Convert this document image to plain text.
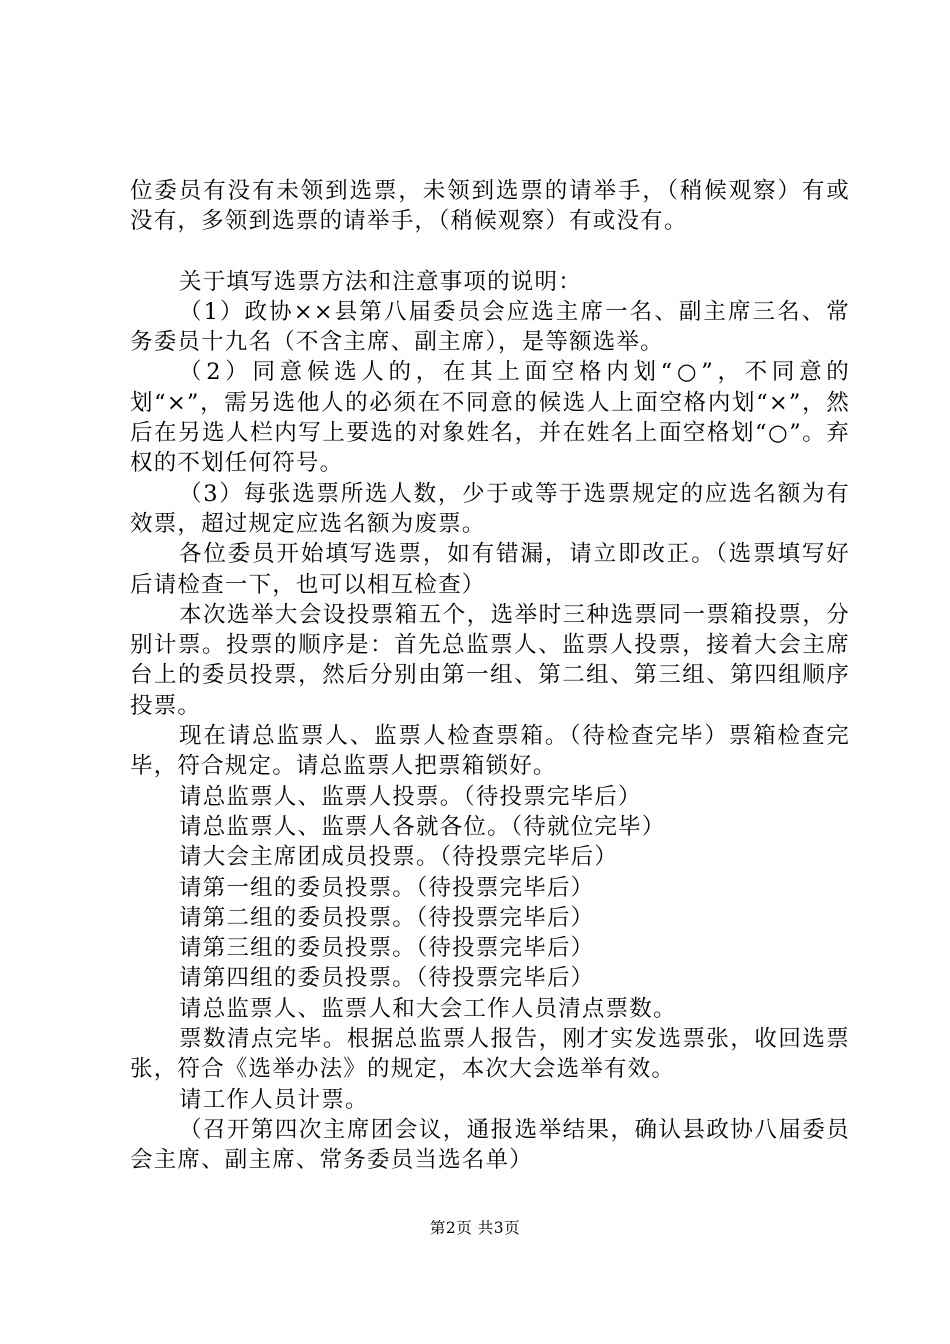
位委员有没有未领到选票，未领到选票的请举手，（稍候观察）有或没有，多领到选票的请举手，（稍候观察）有或没有。

关于填写选票方法和注意事项的说明：

（1）政协××县第八届委员会应选主席一名、副主席三名、常务委员十九名（不含主席、副主席），是等额选举。

（2）同意候选人的，在其上面空格内划“○”，不同意的划“×”，需另选他人的必须在不同意的候选人上面空格内划“×”，然后在另选人栏内写上要选的对象姓名，并在姓名上面空格划“○”。弃权的不划任何符号。

（3）每张选票所选人数，少于或等于选票规定的应选名额为有效票，超过规定应选名额为废票。

各位委员开始填写选票，如有错漏，请立即改正。（选票填写好后请检查一下，也可以相互检查）

本次选举大会设投票箱五个，选举时三种选票同一票箱投票，分别计票。投票的顺序是：首先总监票人、监票人投票，接着大会主席台上的委员投票，然后分别由第一组、第二组、第三组、第四组顺序投票。

现在请总监票人、监票人检查票箱。（待检查完毕）票箱检查完毕，符合规定。请总监票人把票箱锁好。

请总监票人、监票人投票。（待投票完毕后）

请总监票人、监票人各就各位。（待就位完毕）

请大会主席团成员投票。（待投票完毕后）

请第一组的委员投票。（待投票完毕后）

请第二组的委员投票。（待投票完毕后）

请第三组的委员投票。（待投票完毕后）

请第四组的委员投票。（待投票完毕后）

请总监票人、监票人和大会工作人员清点票数。

票数清点完毕。根据总监票人报告，刚才实发选票张，收回选票张，符合《选举办法》的规定，本次大会选举有效。

请工作人员计票。

（召开第四次主席团会议，通报选举结果，确认县政协八届委员会主席、副主席、常务委员当选名单）

第2页 共3页
